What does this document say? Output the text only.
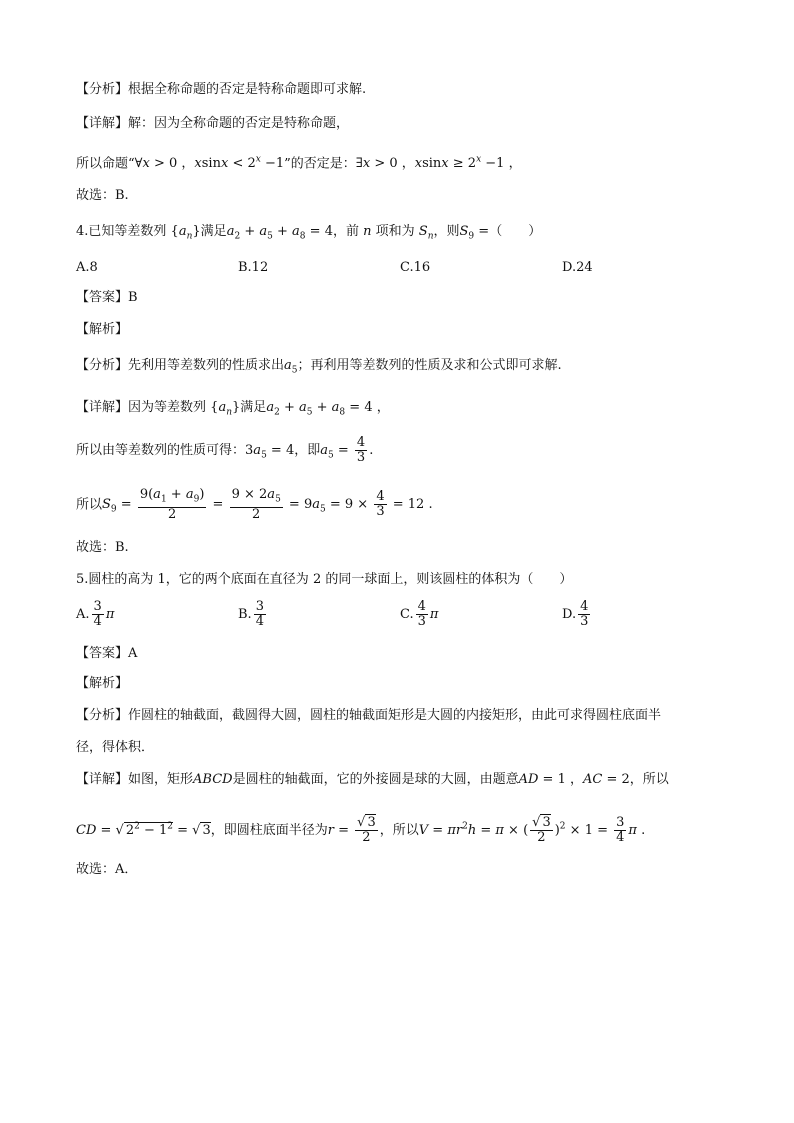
【分析】根据全称命题的否定是特称命题即可求解.
【详解】解：因为全称命题的否定是特称命题，
所以命题“∀x > 0 ，$xsinx < 2^x -1$”的否定是：∃x > 0 ，$xsinx \ge 2^x -1$ ，
故选：B.
4.已知等差数列 $\{a_n\}$满足$a_2 + a_5 + a_8 = 4$，前 n 项和为 $S_n$，则$S_9$ =（　　）
A.8	B.12	C.16	D.24
【答案】B
【解析】
【分析】先利用等差数列的性质求出$a_5$；再利用等差数列的性质及求和公式即可求解.
【详解】因为等差数列 $\{a_n\}$满足$a_2 + a_5 + a_8 = 4$ ，
所以由等差数列的性质可得：$3a_5 = 4$，即$a_5 = \frac{4}{3}$ .
所以$S_9 = \frac{9(a_1 + a_9)}{2} = \frac{9 \times 2a_5}{2} = 9a_5 = 9 \times \frac{4}{3} = 12$ .
故选：B.
5.圆柱的高为 1，它的两个底面在直径为 2 的同一球面上，则该圆柱的体积为（　　）
A. $\frac{3}{4}$ π	B. $\frac{3}{4}$	C. $\frac{4}{3}$ π	D. $\frac{4}{3}$
【答案】A
【解析】
【分析】作圆柱的轴截面，截圆得大圆，圆柱的轴截面矩形是大圆的内接矩形，由此可求得圆柱底面半
径，得体积．
【详解】如图，矩形ABCD是圆柱的轴截面，它的外接圆是球的大圆，由题意AD = 1 ，AC = 2，所以
CD = √ $2^2 - 1^2$ = √ 3，即圆柱底面半径为$r = \frac{√ 3}{2}$ ，所以$V = \pi r^2h = \pi$ × ( $\frac{√ 3}{2} )^2 \times 1 = \frac{3}{4}$ π .
故选：A．
